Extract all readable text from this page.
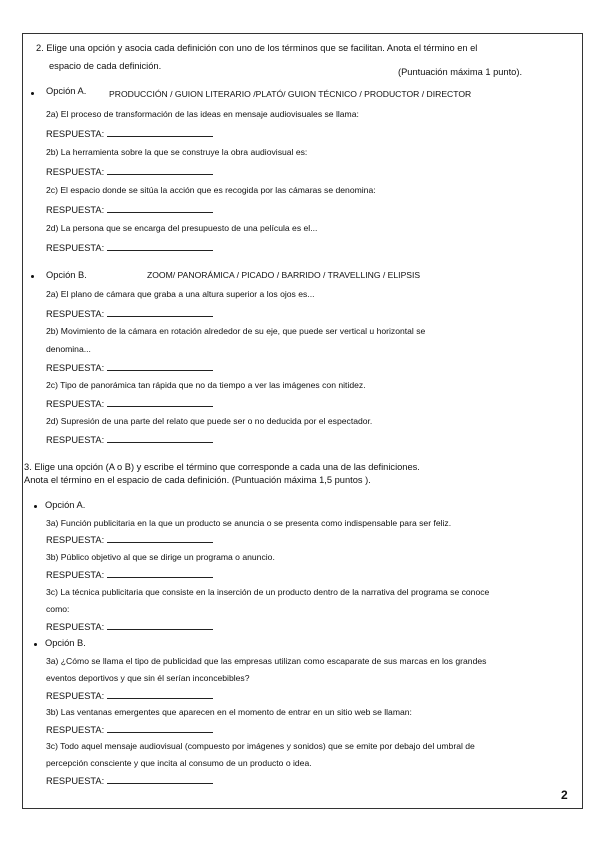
2. Elige una opción y asocia cada definición con uno de los términos que se facilitan. Anota el término en el
espacio de cada definición.
(Puntuación máxima 1 punto).
Opción A.	PRODUCCIÓN / GUION LITERARIO /PLATÓ/ GUION TÉCNICO / PRODUCTOR / DIRECTOR
2a) El proceso de transformación de las ideas en mensaje audiovisuales se llama:
RESPUESTA:
2b) La herramienta sobre la que se construye la obra audiovisual es:
RESPUESTA:
2c) El espacio donde se sitúa la acción que es recogida por las cámaras se denomina:
RESPUESTA:
2d) La persona que se encarga del presupuesto de una película es el...
RESPUESTA:
Opción B.	ZOOM/ PANORÁMICA / PICADO / BARRIDO / TRAVELLING / ELIPSIS
2a) El plano de cámara que graba a una altura superior a los ojos es...
RESPUESTA:
2b) Movimiento de la cámara en rotación alrededor de su eje, que puede ser vertical u horizontal se
denomina...
RESPUESTA:
2c) Tipo de panorámica tan rápida que no da tiempo a ver las imágenes con nitidez.
RESPUESTA:
2d) Supresión de una parte del relato que puede ser o no deducida por el espectador.
RESPUESTA:
3. Elige una opción (A o B) y escribe el término que corresponde a cada una de las definiciones.
Anota el término en el espacio de cada definición. (Puntuación máxima 1,5 puntos ).
Opción A.
3a) Función publicitaria en la que un producto se anuncia o se presenta como indispensable para ser feliz.
RESPUESTA:
3b) Público objetivo al que se dirige un programa o anuncio.
RESPUESTA:
3c) La técnica publicitaria que consiste en la inserción de un producto dentro de la narrativa del programa se conoce
como:
RESPUESTA:
Opción B.
3a) ¿Cómo se llama el tipo de publicidad que las empresas utilizan como escaparate de sus marcas en los grandes
eventos deportivos y que sin él serían inconcebibles?
RESPUESTA:
3b) Las ventanas emergentes que aparecen en el momento de entrar en un sitio web se llaman:
RESPUESTA:
3c) Todo aquel mensaje audiovisual (compuesto por imágenes y sonidos) que se emite por debajo del umbral de
percepción consciente y que incita al consumo de un producto o idea.
RESPUESTA:
2
